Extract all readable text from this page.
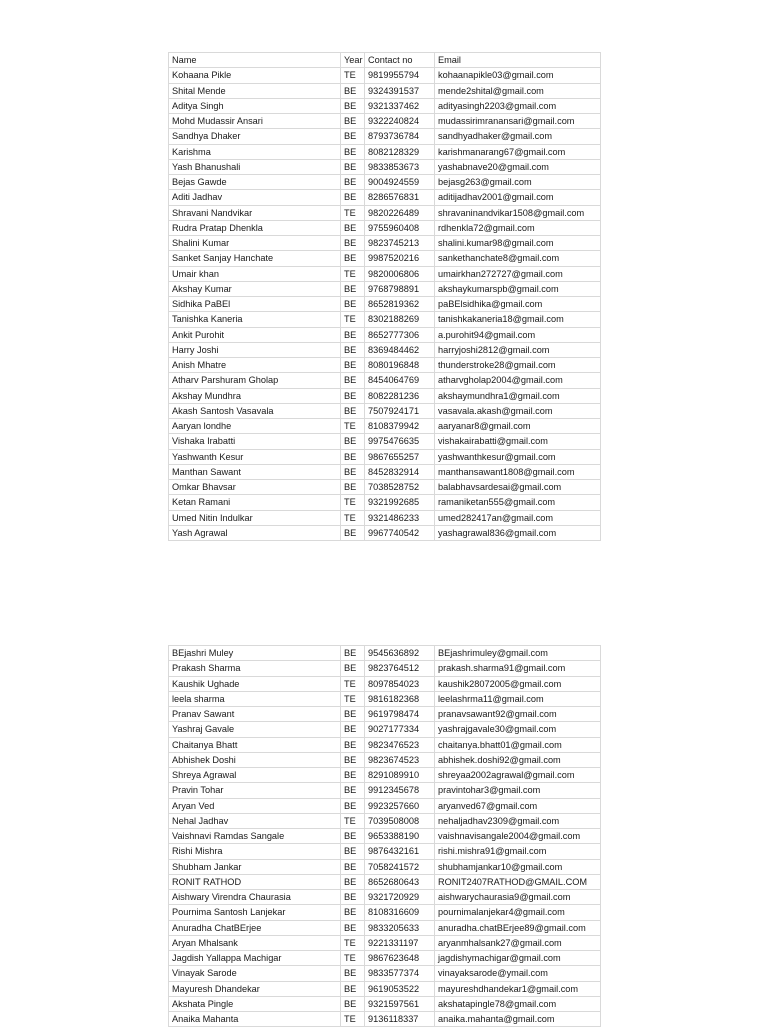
Name	Year	Contact no	Email
Kohaana Pikle	TE	9819955794	kohaanapikle03@gmail.com
Shital Mende	BE	9324391537	mende2shital@gmail.com
Aditya Singh	BE	9321337462	adityasingh2203@gmail.com
Mohd Mudassir Ansari	BE	9322240824	mudassirimranansari@gmail.com
Sandhya Dhaker	BE	8793736784	sandhyadhaker@gmail.com
Karishma	BE	8082128329	karishmanarang67@gmail.com
Yash Bhanushali	BE	9833853673	yashabnave20@gmail.com
Bejas Gawde	BE	9004924559	bejasg263@gmail.com
Aditi Jadhav	BE	8286576831	aditijadhav2001@gmail.com
Shravani Nandvikar	TE	9820226489	shravaninandvikar1508@gmail.com
Rudra Pratap Dhenkla	BE	9755960408	rdhenkla72@gmail.com
Shalini Kumar	BE	9823745213	shalini.kumar98@gmail.com
Sanket Sanjay Hanchate	BE	9987520216	sankethanchate8@gmail.com
Umair khan	TE	9820006806	umairkhan272727@gmail.com
Akshay Kumar	BE	9768798891	akshaykumarspb@gmail.com
Sidhika PaBEl	BE	8652819362	paBElsidhika@gmail.com
Tanishka Kaneria	TE	8302188269	tanishkakaneria18@gmail.com
Ankit Purohit	BE	8652777306	a.purohit94@gmail.com
Harry Joshi	BE	8369484462	harryjoshi2812@gmail.com
Anish Mhatre	BE	8080196848	thunderstroke28@gmail.com
Atharv Parshuram Gholap	BE	8454064769	atharvgholap2004@gmail.com
Akshay Mundhra	BE	8082281236	akshaymundhra1@gmail.com
Akash Santosh Vasavala	BE	7507924171	vasavala.akash@gmail.com
Aaryan londhe	TE	8108379942	aaryanar8@gmail.com
Vishaka Irabatti	BE	9975476635	vishakairabatti@gmail.com
Yashwanth Kesur	BE	9867655257	yashwanthkesur@gmail.com
Manthan Sawant	BE	8452832914	manthansawant1808@gmail.com
Omkar Bhavsar	BE	7038528752	balabhavsardesai@gmail.com
Ketan Ramani	TE	9321992685	ramaniketan555@gmail.com
Umed Nitin Indulkar	TE	9321486233	umed282417an@gmail.com
Yash Agrawal	BE	9967740542	yashagrawal836@gmail.com
BEjashri Muley	BE	9545636892	BEjashrimuley@gmail.com
Prakash Sharma	BE	9823764512	prakash.sharma91@gmail.com
Kaushik Ughade	TE	8097854023	kaushik28072005@gmail.com
leela sharma	TE	9816182368	leelashrma11@gmail.com
Pranav Sawant	BE	9619798474	pranavsawant92@gmail.com
Yashraj Gavale	BE	9027177334	yashrajgavale30@gmail.com
Chaitanya Bhatt	BE	9823476523	chaitanya.bhatt01@gmail.com
Abhishek Doshi	BE	9823674523	abhishek.doshi92@gmail.com
Shreya Agrawal	BE	8291089910	shreyaa2002agrawal@gmail.com
Pravin Tohar	BE	9912345678	pravintohar3@gmail.com
Aryan Ved	BE	9923257660	aryanved67@gmail.com
Nehal Jadhav	TE	7039508008	nehaljadhav2309@gmail.com
Vaishnavi Ramdas Sangale	BE	9653388190	vaishnavisangale2004@gmail.com
Rishi Mishra	BE	9876432161	rishi.mishra91@gmail.com
Shubham Jankar	BE	7058241572	shubhamjankar10@gmail.com
RONIT RATHOD	BE	8652680643	RONIT2407RATHOD@GMAIL.COM
Aishwary Virendra Chaurasia	BE	9321720929	aishwarychaurasia9@gmail.com
Pournima Santosh Lanjekar	BE	8108316609	pournimalanjekar4@gmail.com
Anuradha ChatBErjee	BE	9833205633	anuradha.chatBErjee89@gmail.com
Aryan Mhalsank	TE	9221331197	aryanmhalsank27@gmail.com
Jagdish Yallappa Machigar	TE	9867623648	jagdishymachigar@gmail.com
Vinayak Sarode	BE	9833577374	vinayaksarode@ymail.com
Mayuresh Dhandekar	BE	9619053522	mayureshdhandekar1@gmail.com
Akshata Pingle	BE	9321597561	akshatapingle78@gmail.com
Anaika Mahanta	TE	9136118337	anaika.mahanta@gmail.com
